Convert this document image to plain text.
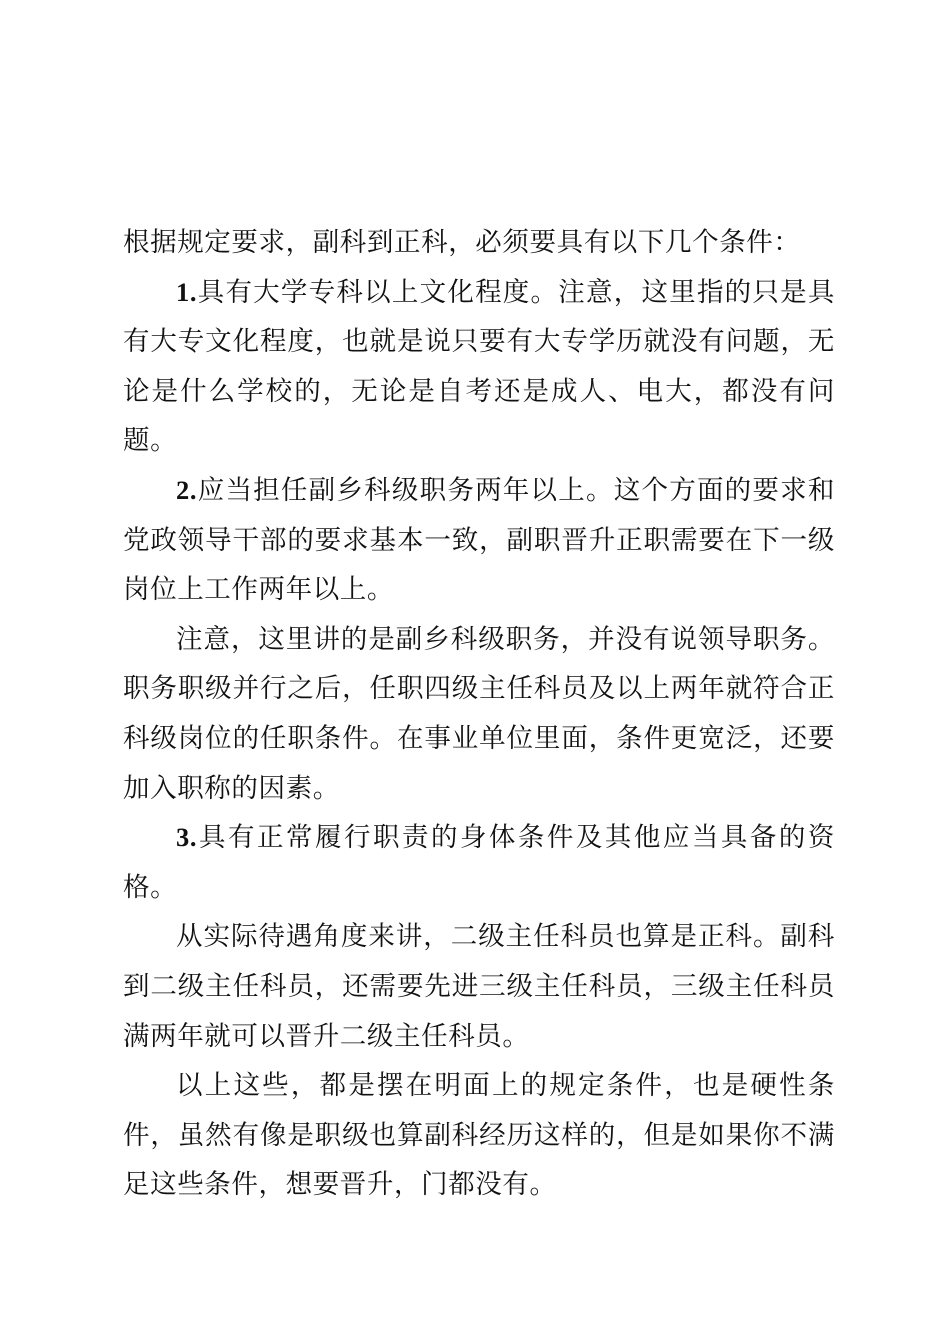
根据规定要求，副科到正科，必须要具有以下几个条件：

1.具有大学专科以上文化程度。注意，这里指的只是具有大专文化程度，也就是说只要有大专学历就没有问题，无论是什么学校的，无论是自考还是成人、电大，都没有问题。

2.应当担任副乡科级职务两年以上。这个方面的要求和党政领导干部的要求基本一致，副职晋升正职需要在下一级岗位上工作两年以上。

注意，这里讲的是副乡科级职务，并没有说领导职务。职务职级并行之后，任职四级主任科员及以上两年就符合正科级岗位的任职条件。在事业单位里面，条件更宽泛，还要加入职称的因素。

3.具有正常履行职责的身体条件及其他应当具备的资格。

从实际待遇角度来讲，二级主任科员也算是正科。副科到二级主任科员，还需要先进三级主任科员，三级主任科员满两年就可以晋升二级主任科员。

以上这些，都是摆在明面上的规定条件，也是硬性条件，虽然有像是职级也算副科经历这样的，但是如果你不满足这些条件，想要晋升，门都没有。
